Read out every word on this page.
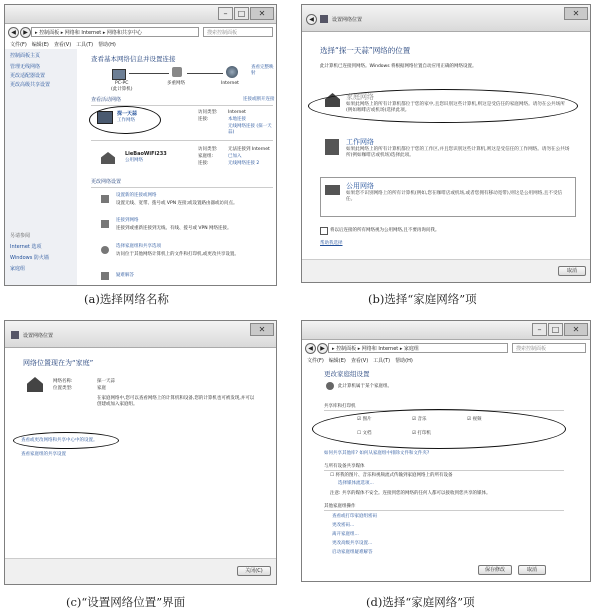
–	□	✕
◀	▶	▸ 控制面板 ▸ 网络和 Internet ▸ 网络和共享中心	搜索控制面板
文件(F) 编辑(E) 查看(V) 工具(T) 帮助(H)
控制面板主页
管理无线网络
更改适配器设置
更改高级共享设置
另请参阅
Internet 选项
Windows 防火墙
家庭组
查看基本网络信息并设置连接
查看完整映射
PC-PC
(此计算机)
多重网络	Internet
查看活动网络	连接或断开连接
探一天蒜
工作网络
访问类型: Internet
连接:	本地连接
无线网络连接 (探一天蒜)
LieBaoWiFi233
公用网络
访问类型: 无法连接到 Internet
家庭组:	已加入
连接:	无线网络连接 2
更改网络设置
设置新的连接或网络
设置无线、宽带、拨号或 VPN 连接;或设置路由器或访问点。
连接到网络
连接到或重新连接到无线、有线、拨号或 VPN 网络连接。
选择家庭组和共享选项
访问位于其他网络计算机上的文件和打印机,或更改共享设置。
疑难解答
(a)选择网络名称
◀	设置网络位置
✕
选择“探一天蒜”网络的位置
此计算机已连接到网络。Windows 将根据网络位置自动应用正确的网络设置。
家庭网络
如果此网络上的所有计算机都位于您的家中,且您识别这些计算机,则这是受信任的家庭网络。请勿在公共场所(例如咖啡店或机场)选择此项。
工作网络
如果此网络上的所有计算机都位于您的工作区,并且您识别这些计算机,则这是受信任的工作网络。请勿在公共场所(例如咖啡店或机场)选择此项。
公用网络
如果您不识别网络上的所有计算机(例如,您在咖啡店或机场,或者您拥有移动宽带),则这是公用网络,且不受信任。
将以后连接的所有网络视为公用网络,且不要再询问我。
帮助我选择
取消
(b)选择“家庭网络”项
设置网络位置
✕
网络位置现在为“家庭”
网络名称:	探一天蒜
位置类型:	家庭
在家庭网络中,您可以查看网络上的计算机和设备,您的计算机也可被发现,并可以创建或加入家庭组。
查看或更改网络和共享中心中的设置。
查看家庭组的共享设置
关闭(C)
(c)“设置网络位置”界面
–	□	✕
◀	▶	▸ 控制面板 ▸ 网络和 Internet ▸ 家庭组	搜索控制面板
文件(F) 编辑(E) 查看(V) 工具(T) 帮助(H)
更改家庭组设置
此计算机属于某个家庭组。
共享库和打印机
☑ 图片	☑ 音乐	☑ 视频
☐ 文档	☑ 打印机
如何共享其他库? 如何从家庭组中排除文件和文件夹?
与所有设备共享媒体
☐ 将我的图片、音乐和视频流式传输到家庭网络上的所有设备
选择媒体流选项...
注意: 共享的媒体不安全。连接到您的网络的任何人都可以接收到您共享的媒体。
其他家庭组操作
查看或打印家庭组密码
更改密码...
离开家庭组...
更改高级共享设置...
启动家庭组疑难解答
保存修改	取消
(d)选择“家庭网络”项
